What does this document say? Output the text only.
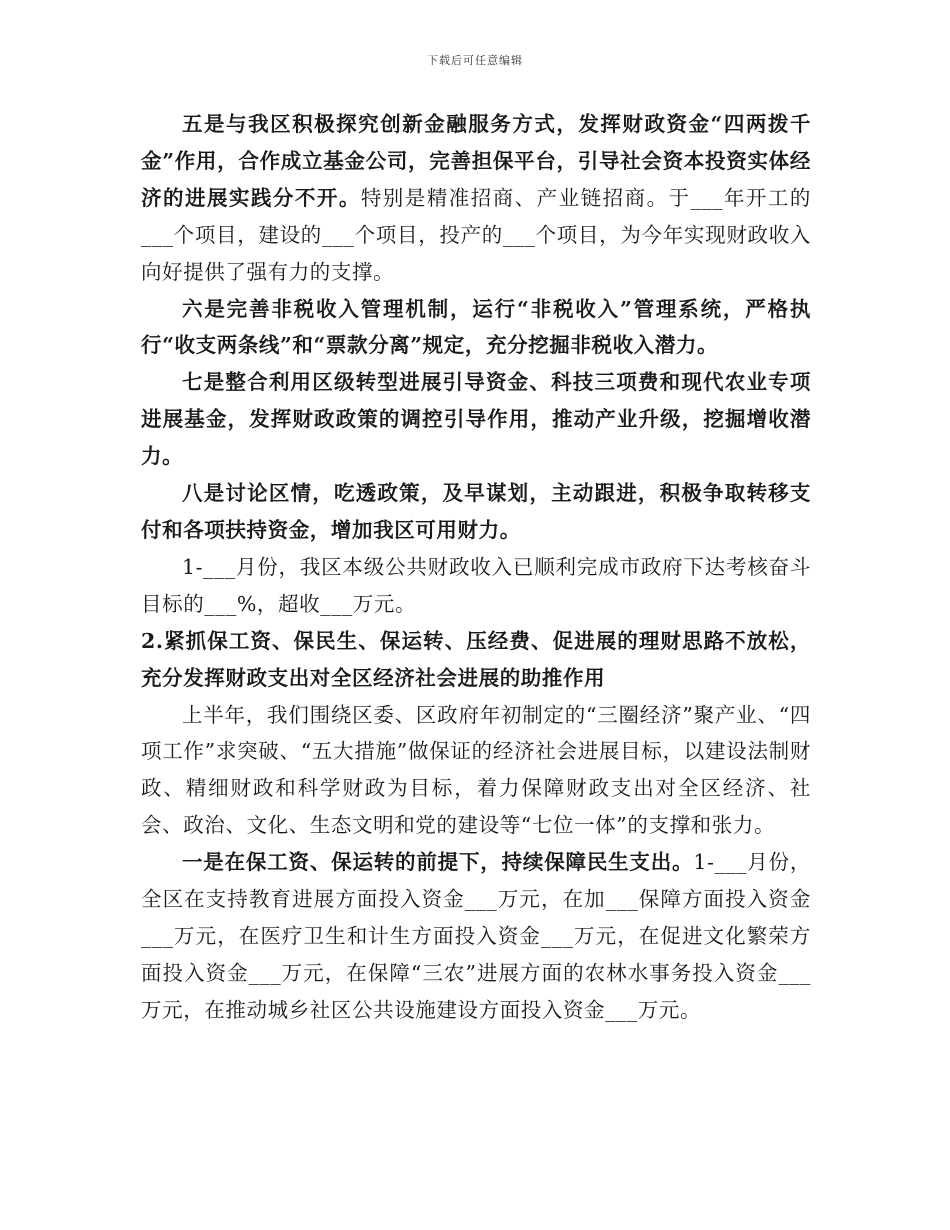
下载后可任意编辑

五是与我区积极探究创新金融服务方式，发挥财政资金“四两拨千金”作用，合作成立基金公司，完善担保平台，引导社会资本投资实体经济的进展实践分不开。特别是精准招商、产业链招商。于___年开工的___个项目，建设的___个项目，投产的___个项目，为今年实现财政收入向好提供了强有力的支撑。

六是完善非税收入管理机制，运行“非税收入”管理系统，严格执行“收支两条线”和“票款分离”规定，充分挖掘非税收入潜力。

七是整合利用区级转型进展引导资金、科技三项费和现代农业专项进展基金，发挥财政政策的调控引导作用，推动产业升级，挖掘增收潜力。

八是讨论区情，吃透政策，及早谋划，主动跟进，积极争取转移支付和各项扶持资金，增加我区可用财力。

1-___月份，我区本级公共财政收入已顺利完成市政府下达考核奋斗目标的___%，超收___万元。

2.紧抓保工资、保民生、保运转、压经费、促进展的理财思路不放松，充分发挥财政支出对全区经济社会进展的助推作用

上半年，我们围绕区委、区政府年初制定的“三圈经济”聚产业、“四项工作”求突破、“五大措施”做保证的经济社会进展目标，以建设法制财政、精细财政和科学财政为目标，着力保障财政支出对全区经济、社会、政治、文化、生态文明和党的建设等“七位一体”的支撑和张力。

一是在保工资、保运转的前提下，持续保障民生支出。1-___月份，全区在支持教育进展方面投入资金___万元，在加___保障方面投入资金___万元，在医疗卫生和计生方面投入资金___万元，在促进文化繁荣方面投入资金___万元，在保障“三农”进展方面的农林水事务投入资金___万元，在推动城乡社区公共设施建设方面投入资金___万元。
